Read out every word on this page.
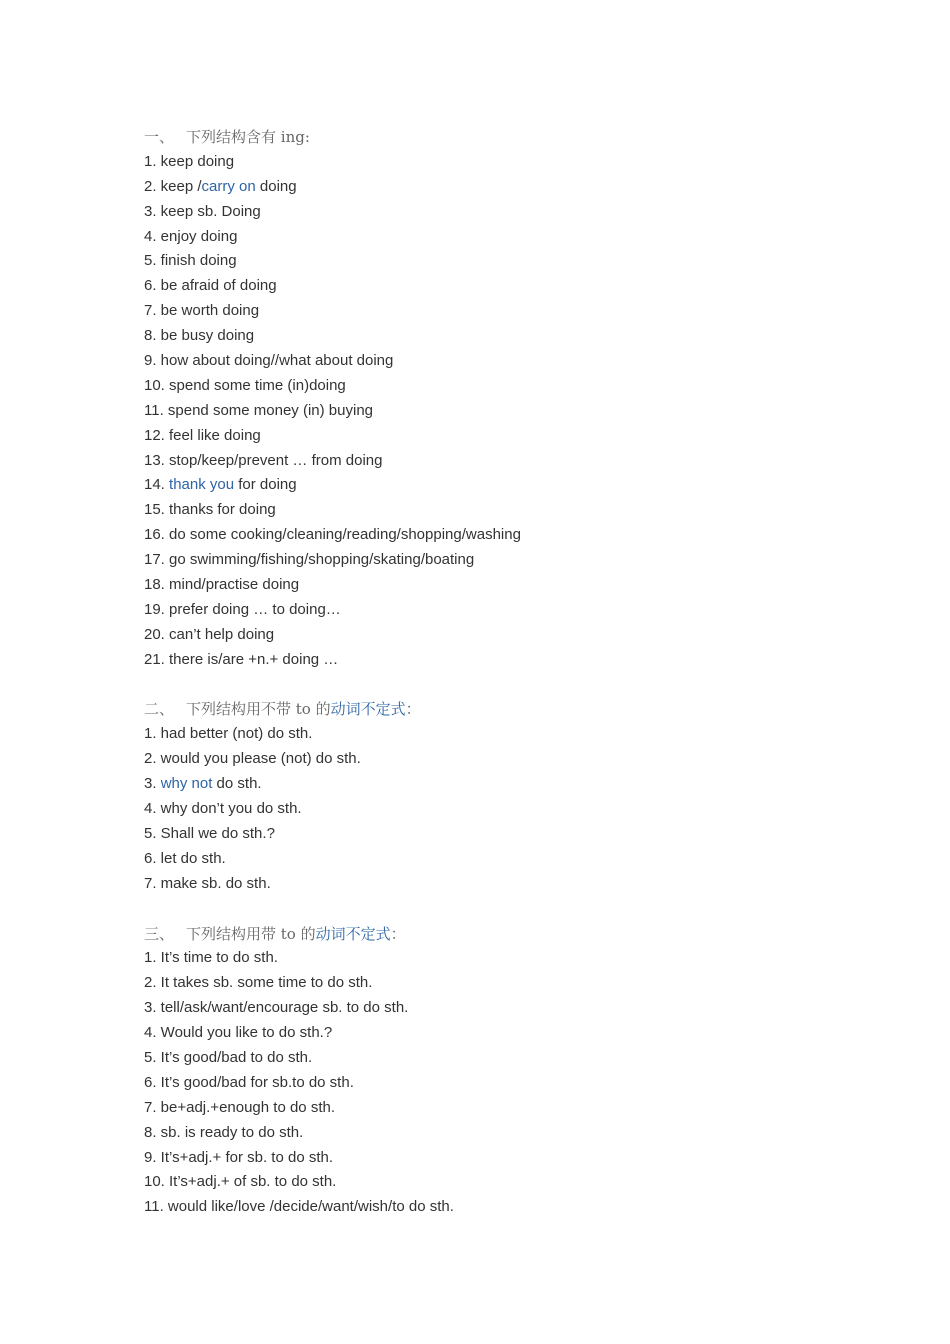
一、 下列结构含有 ing:
1. keep doing
2. keep /carry on doing
3. keep sb. Doing
4. enjoy doing
5. finish doing
6. be afraid of doing
7. be worth doing
8. be busy doing
9. how about doing//what about doing
10. spend some time (in)doing
11. spend some money (in) buying
12. feel like doing
13. stop/keep/prevent … from doing
14. thank you for doing
15. thanks for doing
16. do some cooking/cleaning/reading/shopping/washing
17. go swimming/fishing/shopping/skating/boating
18. mind/practise doing
19. prefer doing … to doing…
20. can’t help doing
21. there is/are +n.+ doing …
二、 下列结构用不带 to 的动词不定式：
1. had better (not) do sth.
2. would you please (not) do sth.
3. why not do sth.
4. why don’t you do sth.
5. Shall we do sth.?
6. let do sth.
7. make sb. do sth.
三、 下列结构用带 to 的动词不定式：
1. It’s time to do sth.
2. It takes sb. some time to do sth.
3. tell/ask/want/encourage sb. to do sth.
4. Would you like to do sth.?
5. It’s good/bad to do sth.
6. It’s good/bad for sb.to do sth.
7. be+adj.+enough to do sth.
8. sb. is ready to do sth.
9. It’s+adj.+ for sb. to do sth.
10. It’s+adj.+ of sb. to do sth.
11. would like/love /decide/want/wish/to do sth.
